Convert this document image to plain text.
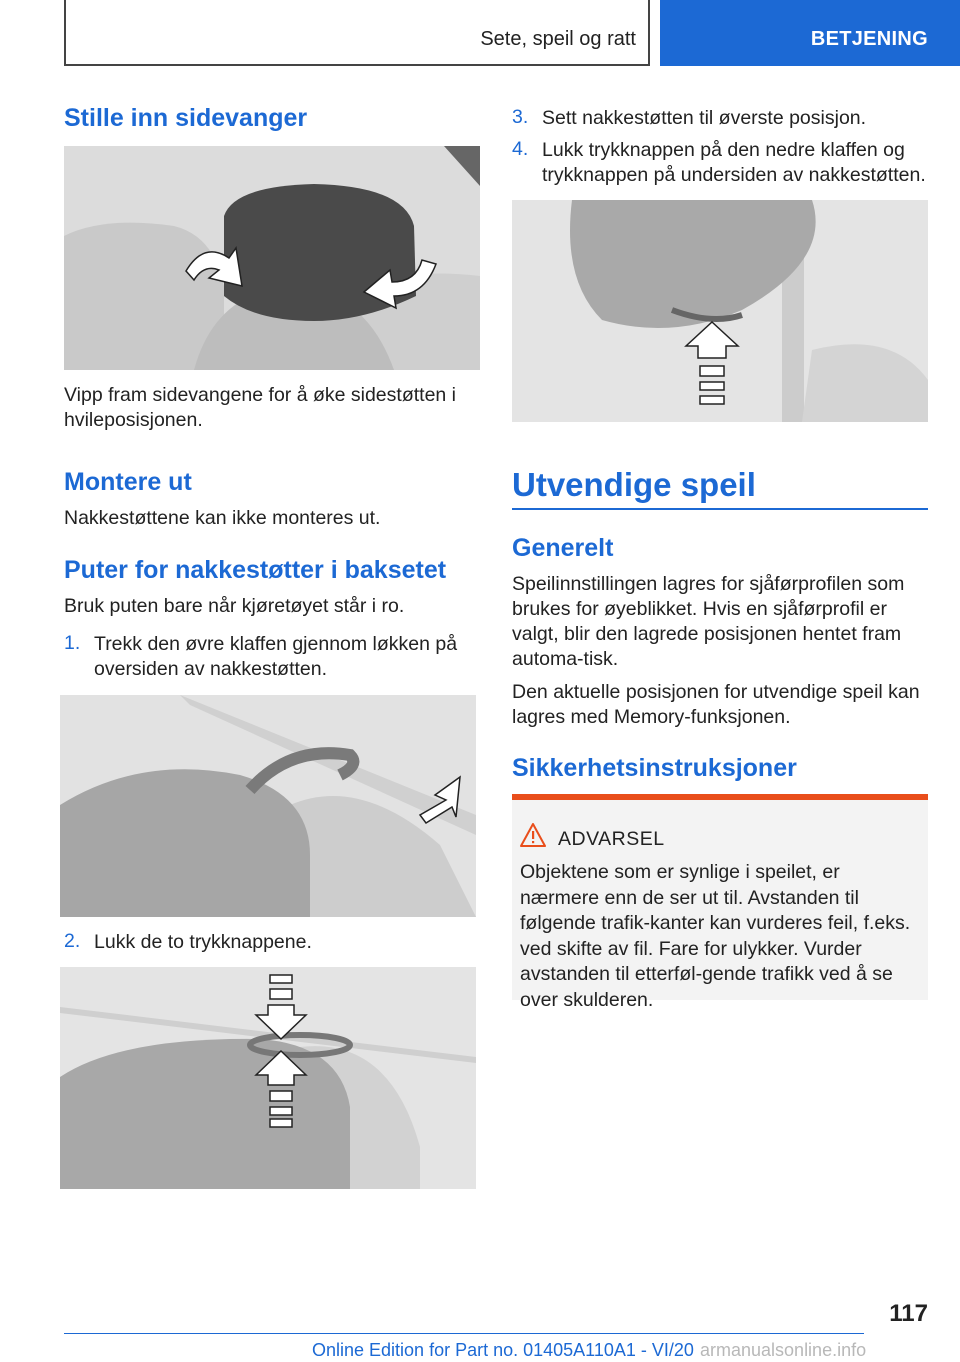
Sete, speil og ratt	BETJENING
Stille inn sidevanger

Vipp fram sidevangene for å øke sidestøtten i hvileposisjonen.

Montere ut

Nakkestøttene kan ikke monteres ut.

Puter for nakkestøtter i baksetet

Bruk puten bare når kjøretøyet står i ro.

1. Trekk den øvre klaffen gjennom løkken på oversiden av nakkestøtten.
2. Lukk de to trykknappene.
3. Sett nakkestøtten til øverste posisjon.
4. Lukk trykknappen på den nedre klaffen og trykknappen på undersiden av nakkestøtten.
Utvendige speil
Generelt

Speilinnstillingen lagres for sjåførprofilen som brukes for øyeblikket. Hvis en sjåførprofil er valgt, blir den lagrede posisjonen hentet fram automa-tisk.

Den aktuelle posisjonen for utvendige speil kan lagres med Memory-funksjonen.

Sikkerhetsinstruksjoner
ADVARSEL

Objektene som er synlige i speilet, er nærmere enn de ser ut til. Avstanden til følgende trafik-kanter kan vurderes feil, f.eks. ved skifte av fil. Fare for ulykker. Vurder avstanden til etterføl-gende trafikk ved å se over skulderen.

117
Online Edition for Part no. 01405A110A1 - VI/20 armanualsonline.info
